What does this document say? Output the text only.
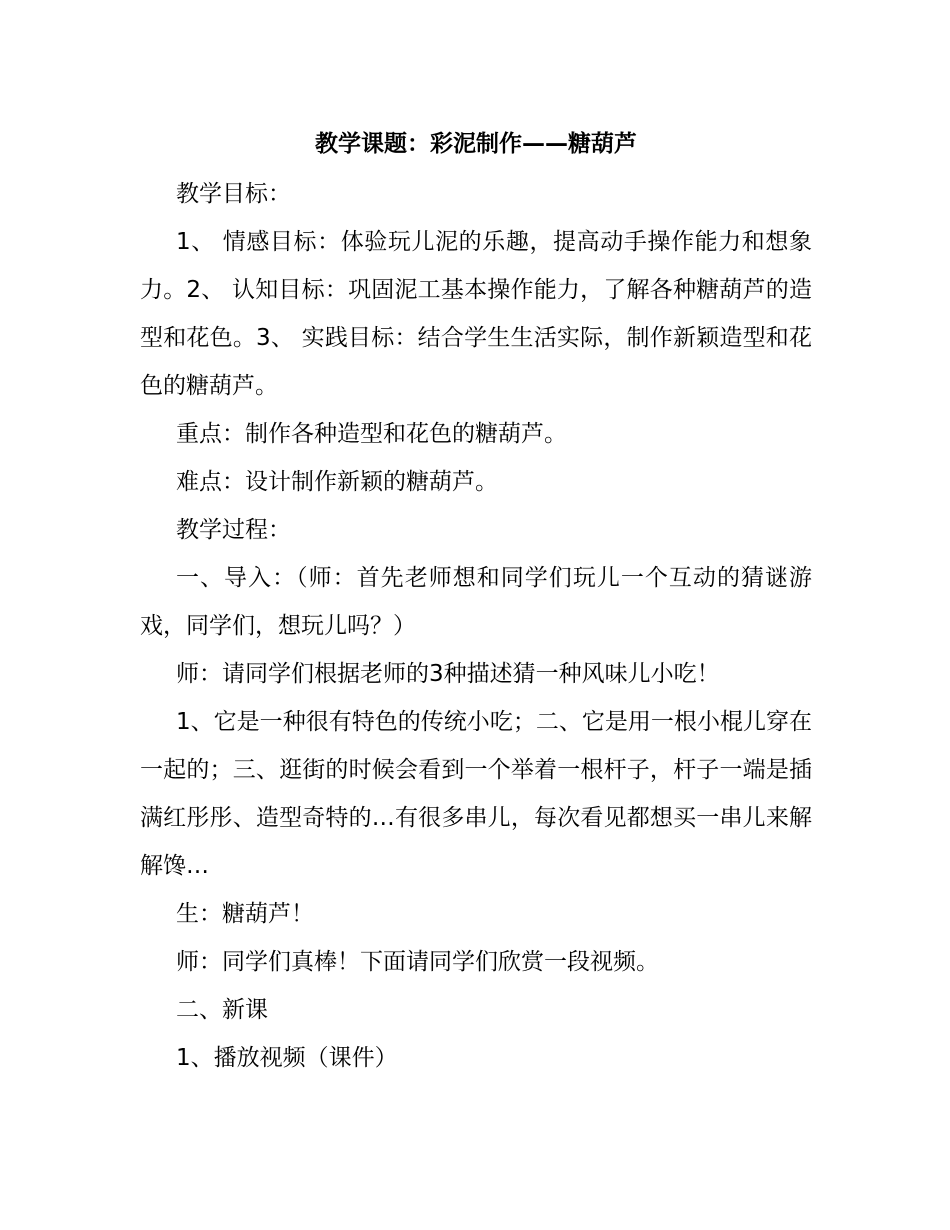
教学课题：彩泥制作——糖葫芦

教学目标：

1、 情感目标：体验玩儿泥的乐趣，提高动手操作能力和想象力。2、 认知目标：巩固泥工基本操作能力，了解各种糖葫芦的造型和花色。3、 实践目标：结合学生生活实际，制作新颖造型和花色的糖葫芦。

重点：制作各种造型和花色的糖葫芦。

难点：设计制作新颖的糖葫芦。

教学过程：

一、导入：（师：首先老师想和同学们玩儿一个互动的猜谜游戏，同学们，想玩儿吗？）

师：请同学们根据老师的3种描述猜一种风味儿小吃！

1、它是一种很有特色的传统小吃；二、它是用一根小棍儿穿在一起的；三、逛街的时候会看到一个举着一根杆子，杆子一端是插满红彤彤、造型奇特的…有很多串儿，每次看见都想买一串儿来解解馋…

生：糖葫芦！

师：同学们真棒！下面请同学们欣赏一段视频。

二、新课

1、播放视频（课件）
